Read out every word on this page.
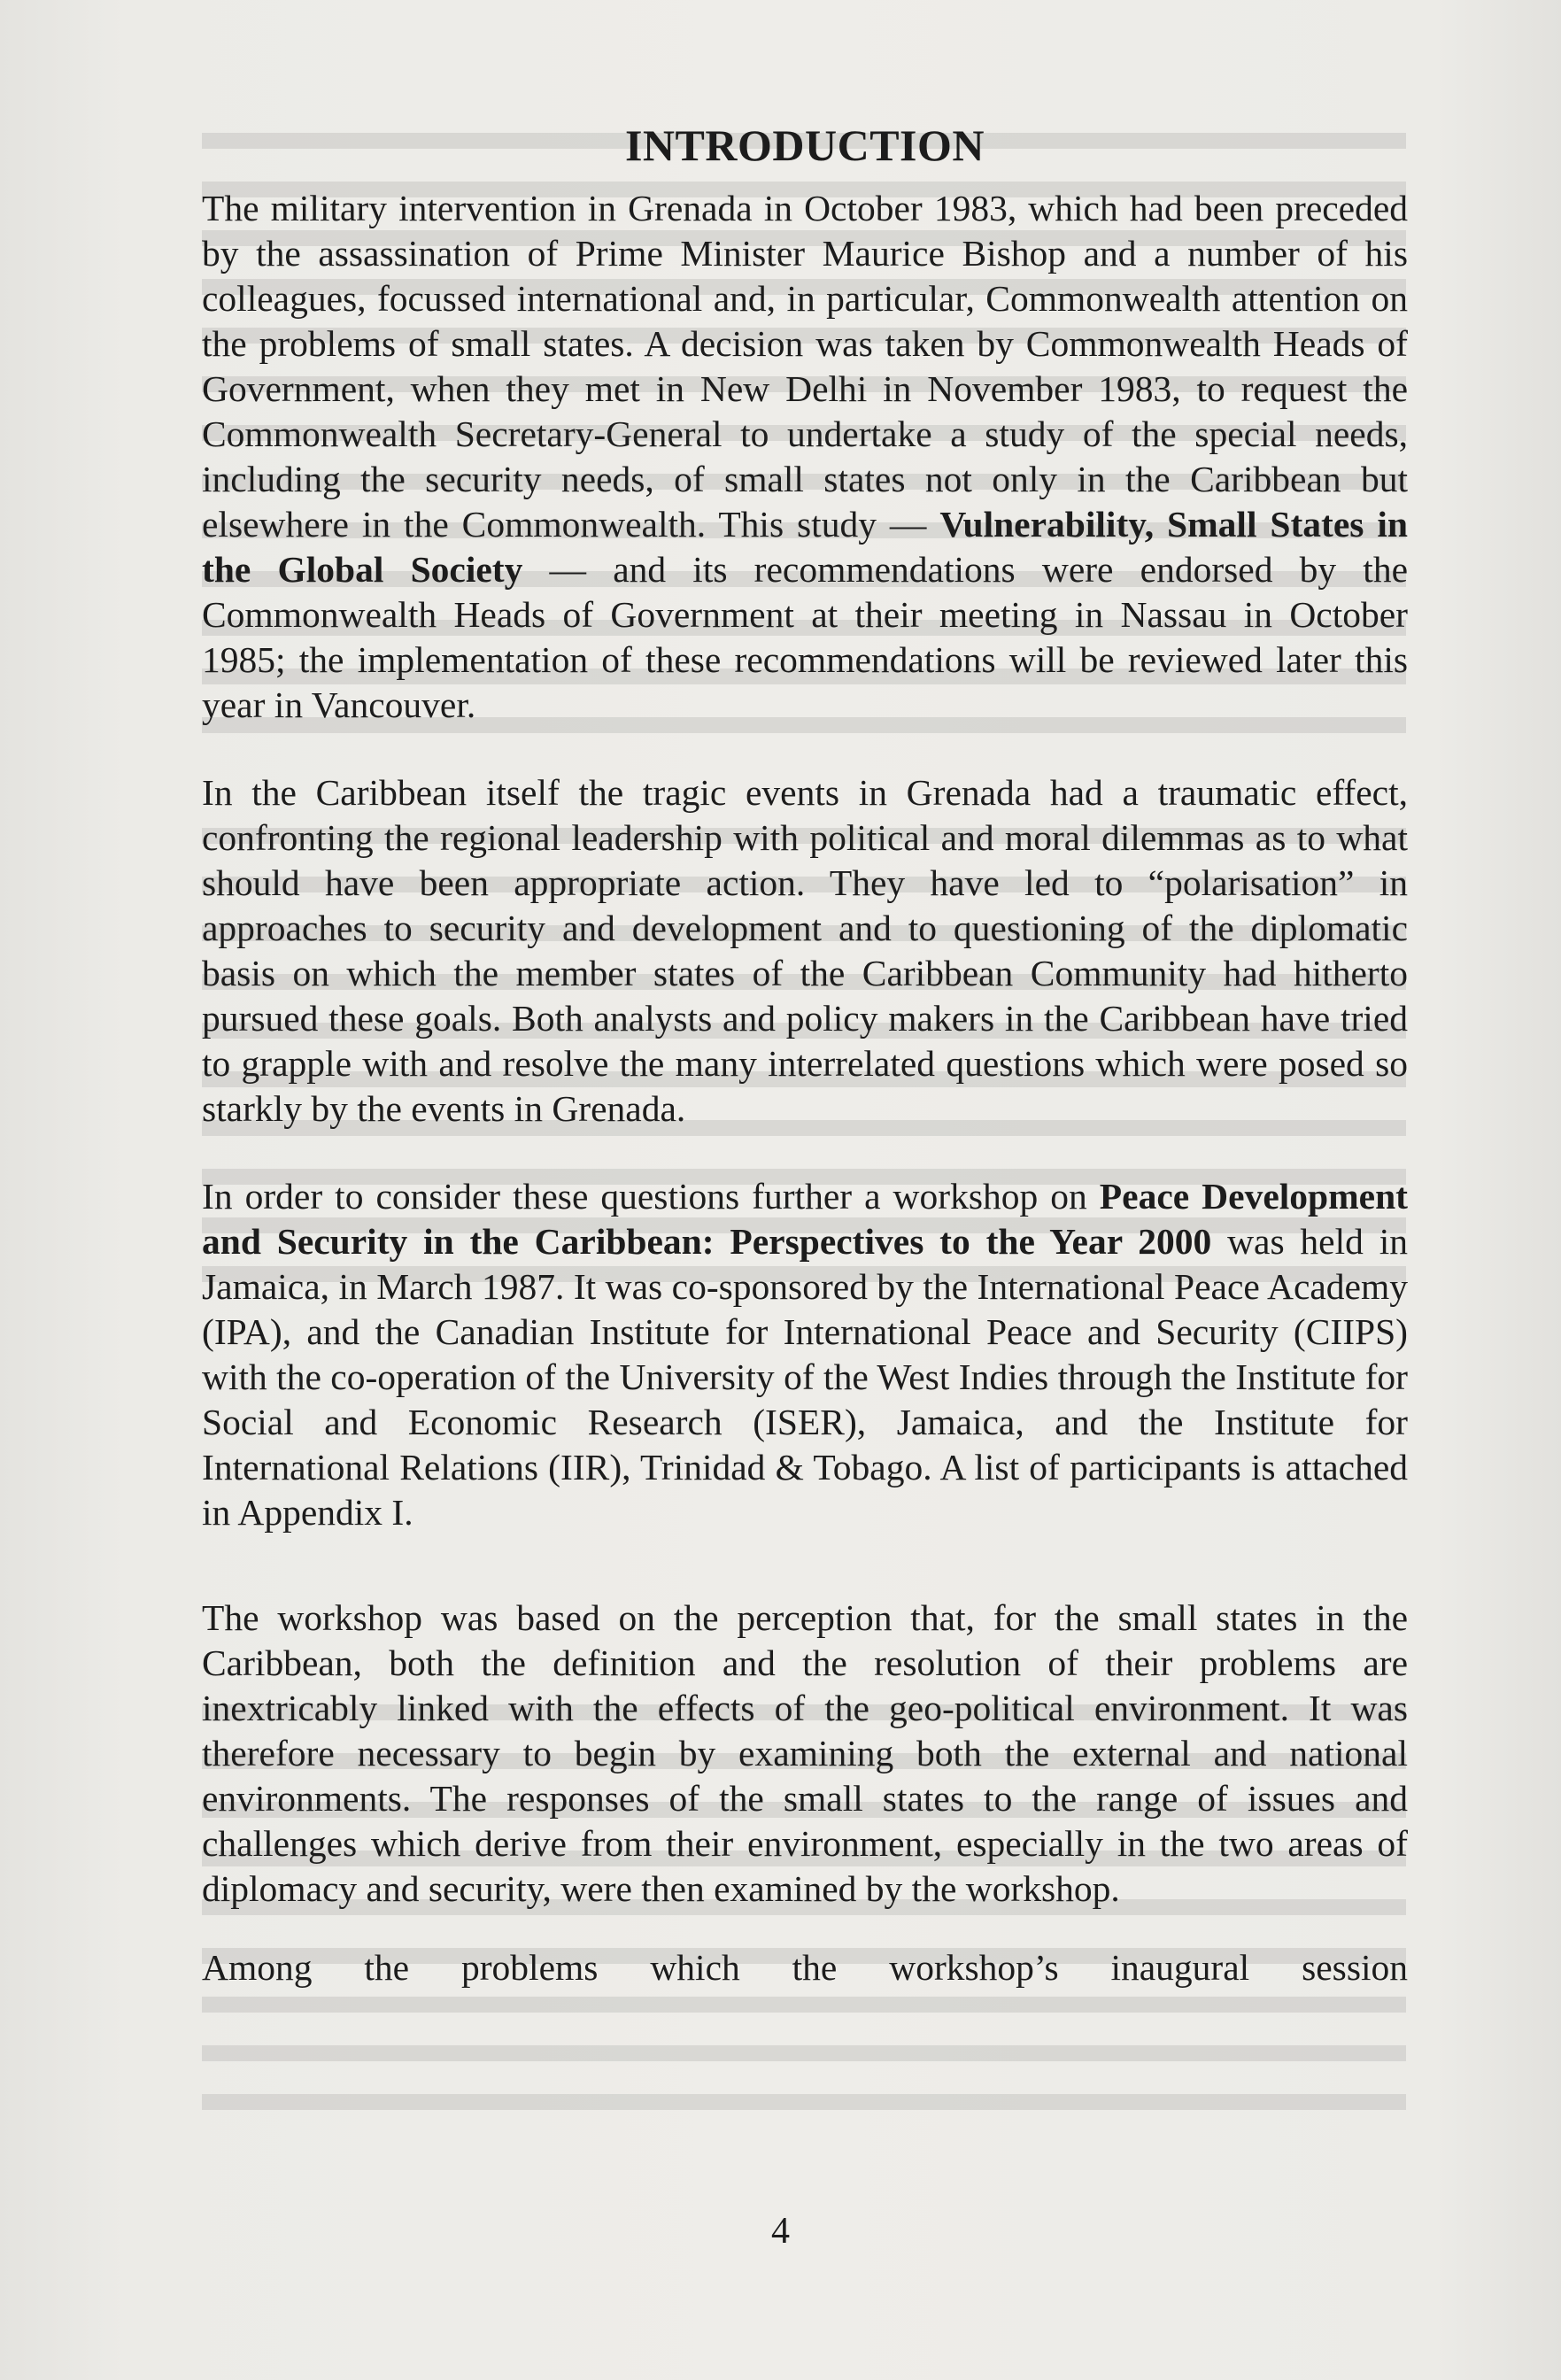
INTRODUCTION

The military intervention in Grenada in October 1983, which had been preceded by the assassination of Prime Minister Maurice Bishop and a number of his colleagues, focussed international and, in particular, Commonwealth attention on the problems of small states. A decision was taken by Commonwealth Heads of Government, when they met in New Delhi in November 1983, to request the Commonwealth Secretary-General to undertake a study of the special needs, including the security needs, of small states not only in the Caribbean but elsewhere in the Commonwealth. This study — Vulnerability, Small States in the Global Society — and its recommendations were endorsed by the Commonwealth Heads of Government at their meeting in Nassau in October 1985; the implementation of these recommendations will be reviewed later this year in Vancouver.

In the Caribbean itself the tragic events in Grenada had a traumatic effect, confronting the regional leadership with political and moral dilemmas as to what should have been appropriate action. They have led to “polarisation” in approaches to security and development and to questioning of the diplomatic basis on which the member states of the Caribbean Community had hitherto pursued these goals. Both analysts and policy makers in the Caribbean have tried to grapple with and resolve the many interrelated questions which were posed so starkly by the events in Grenada.

In order to consider these questions further a workshop on Peace Development and Security in the Caribbean: Perspectives to the Year 2000 was held in Jamaica, in March 1987. It was co-sponsored by the International Peace Academy (IPA), and the Canadian Institute for International Peace and Security (CIIPS) with the co-operation of the University of the West Indies through the Institute for Social and Economic Research (ISER), Jamaica, and the Institute for International Relations (IIR), Trinidad & Tobago. A list of participants is attached in Appendix I.

The workshop was based on the perception that, for the small states in the Caribbean, both the definition and the resolution of their problems are inextricably linked with the effects of the geo-political environment. It was therefore necessary to begin by examining both the external and national environments. The responses of the small states to the range of issues and challenges which derive from their environment, especially in the two areas of diplomacy and security, were then examined by the workshop.

Among the problems which the workshop’s inaugural session

4
